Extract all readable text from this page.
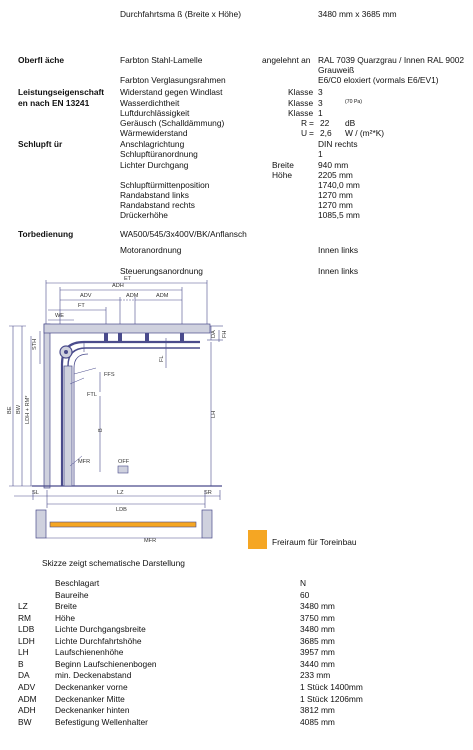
Durchfahrtsma ß (Breite x Höhe)	3480 mm x 3685 mm
Oberfl äche	Farbton Stahl-Lamelle	angelehnt an RAL 7039 Quarzgrau / Innen RAL 9002
Grauweiß
Farbton Verglasungsrahmen	E6/C0 eloxiert (vormals E6/EV1)
Leistungseigenschaft
en nach EN 13241
Widerstand gegen Windlast	Klasse 3
Wasserdichtheit	Klasse 3	(70 Pa)
Luftdurchlässigkeit	Klasse 1
Geräusch (Schalldämmung)	R = 22 dB
Wärmewiderstand	U = 2,6 W / (m²*K)
Schlupft ür	Anschlagrichtung	DIN rechts
Schlupftüranordnung	1
Lichter Durchgang	Breite	940 mm
Höhe	2205 mm
Schlupftürmittenposition	1740,0 mm
Randabstand links	1270 mm
Randabstand rechts	1270 mm
Drückerhöhe	1085,5 mm
Torbedienung	WA500/545/3x400V/BK/Anflansch
Motoranordnung	Innen links
Steuerungsanordnung	Innen links
ET
ADH
ADV	ADM	ADM
FT
WE
STH
DA FH
FFS
FL
FTL
B
LH
BE BW LDH + RM*
MFR	OFF
SL	LZ	SR
LDB
MFR	Freiraum für Toreinbau
Skizze zeigt schematische Darstellung
Beschlagart	N
Baureihe	60
LZ	Breite	3480 mm
RM	Höhe	3750 mm
LDB Lichte Durchgangsbreite	3480 mm
LDH Lichte Durchfahrtshöhe	3685 mm
LH	Laufschienenhöhe	3957 mm
B	Beginn Laufschienenbogen	3440 mm
DA	min. Deckenabstand	233 mm
ADV Deckenanker vorne	1 Stück 1400mm
ADM Deckenanker Mitte	1 Stück 1206mm
ADH Deckenanker hinten	3812 mm
BW	Befestigung Wellenhalter	4085 mm
